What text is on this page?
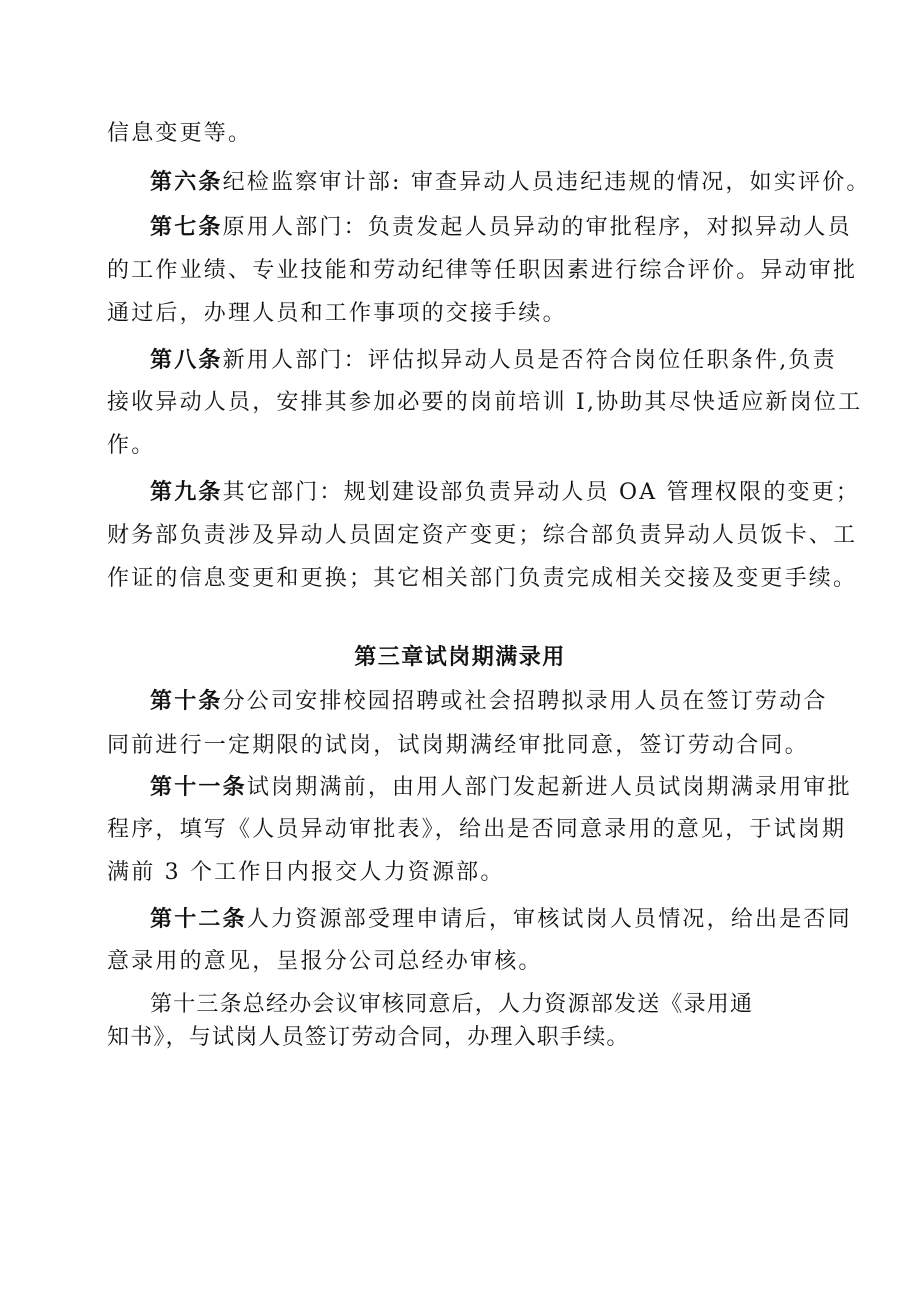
信息变更等。
第六条纪检监察审计部: 审查异动人员违纪违规的情况，如实评价。
第七条原用人部门：负责发起人员异动的审批程序，对拟异动人员
的工作业绩、专业技能和劳动纪律等任职因素进行综合评价。异动审批
通过后，办理人员和工作事项的交接手续。
第八条新用人部门：评估拟异动人员是否符合岗位任职条件,负责
接收异动人员，安排其参加必要的岗前培训 I,协助其尽快适应新岗位工
作。
第九条其它部门：规划建设部负责异动人员 OA 管理权限的变更；
财务部负责涉及异动人员固定资产变更；综合部负责异动人员饭卡、工
作证的信息变更和更换；其它相关部门负责完成相关交接及变更手续。
第三章试岗期满录用
第十条分公司安排校园招聘或社会招聘拟录用人员在签订劳动合
同前进行一定期限的试岗，试岗期满经审批同意，签订劳动合同。
第十一条试岗期满前，由用人部门发起新进人员试岗期满录用审批
程序，填写《人员异动审批表》，给出是否同意录用的意见，于试岗期
满前 3 个工作日内报交人力资源部。
第十二条人力资源部受理申请后，审核试岗人员情况，给出是否同
意录用的意见，呈报分公司总经办审核。
第十三条总经办会议审核同意后，人力资源部发送《录用通
知书》，与试岗人员签订劳动合同，办理入职手续。
